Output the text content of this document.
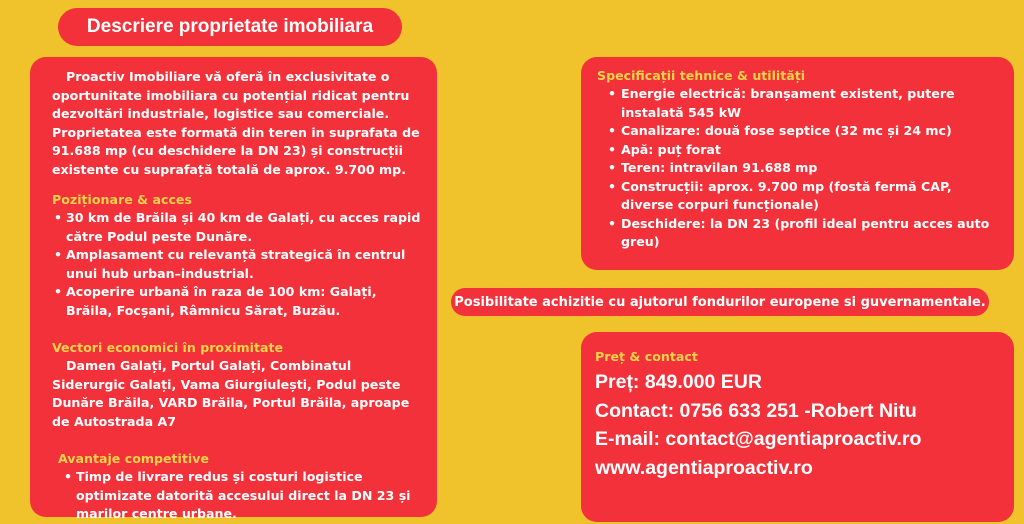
Descriere proprietate imobiliara

Proactiv Imobiliare vă oferă în exclusivitate o oportunitate imobiliara cu potențial ridicat pentru dezvoltări industriale, logistice sau comerciale. Proprietatea este formată din teren in suprafata de 91.688 mp (cu deschidere la DN 23) și construcții existente cu suprafață totală de aprox. 9.700 mp.

Poziționare & acces

• 30 km de Brăila și 40 km de Galați, cu acces rapid către Podul peste Dunăre.
• Amplasament cu relevanță strategică în centrul unui hub urban–industrial.
• Acoperire urbană în raza de 100 km: Galați, Brăila, Focșani, Râmnicu Sărat, Buzău.

Vectori economici în proximitate

Damen Galați, Portul Galați, Combinatul Siderurgic Galați, Vama Giurgiulești, Podul peste Dunăre Brăila, VARD Brăila, Portul Brăila, aproape de Autostrada A7

Avantaje competitive

• Timp de livrare redus și costuri logistice optimizate datorită accesului direct la DN 23 și marilor centre urbane.

Specificații tehnice & utilități

• Energie electrică: branșament existent, putere instalată 545 kW
• Canalizare: două fose septice (32 mc și 24 mc)
• Apă: puț forat
• Teren: intravilan 91.688 mp
• Construcții: aprox. 9.700 mp (fostă fermă CAP, diverse corpuri funcționale)
• Deschidere: la DN 23 (profil ideal pentru acces auto greu)
Posibilitate achizitie cu ajutorul fondurilor europene si guvernamentale.

Preț & contact

Preț: 849.000 EUR

Contact: 0756 633 251 -Robert Nitu

E-mail: contact@agentiaproactiv.ro

www.agentiaproactiv.ro
